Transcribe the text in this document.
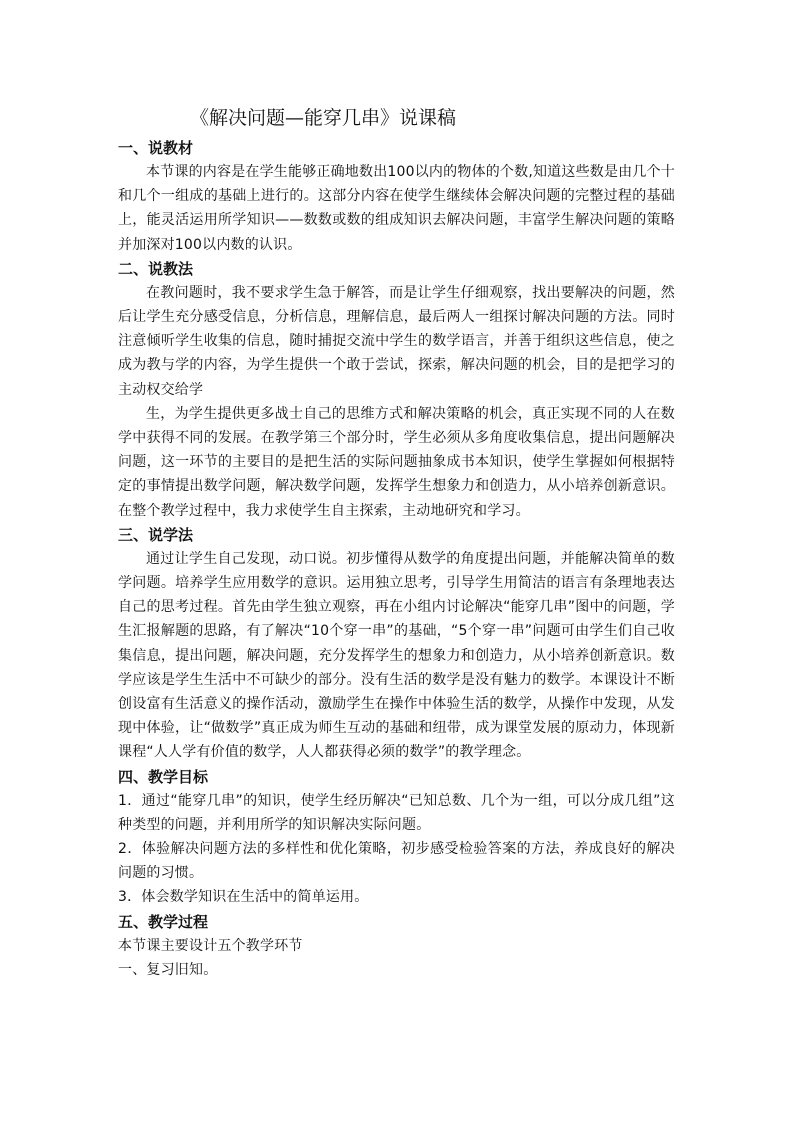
《解决问题—能穿几串》说课稿
一、说教材

本节课的内容是在学生能够正确地数出100以内的物体的个数,知道这些数是由几个十和几个一组成的基础上进行的。这部分内容在使学生继续体会解决问题的完整过程的基础上，能灵活运用所学知识——数数或数的组成知识去解决问题，丰富学生解决问题的策略并加深对100以内数的认识。

二、说教法

在教问题时，我不要求学生急于解答，而是让学生仔细观察，找出要解决的问题，然后让学生充分感受信息，分析信息，理解信息，最后两人一组探讨解决问题的方法。同时注意倾听学生收集的信息，随时捕捉交流中学生的数学语言，并善于组织这些信息，使之成为教与学的内容，为学生提供一个敢于尝试，探索，解决问题的机会，目的是把学习的主动权交给学

生，为学生提供更多战士自己的思维方式和解决策略的机会，真正实现不同的人在数学中获得不同的发展。在教学第三个部分时，学生必须从多角度收集信息，提出问题解决问题，这一环节的主要目的是把生活的实际问题抽象成书本知识，使学生掌握如何根据特定的事情提出数学问题，解决数学问题，发挥学生想象力和创造力，从小培养创新意识。在整个教学过程中，我力求使学生自主探索，主动地研究和学习。

三、说学法

通过让学生自己发现，动口说。初步懂得从数学的角度提出问题，并能解决简单的数学问题。培养学生应用数学的意识。运用独立思考，引导学生用简洁的语言有条理地表达自己的思考过程。首先由学生独立观察，再在小组内讨论解决“能穿几串”图中的问题，学生汇报解题的思路，有了解决“10个穿一串”的基础，“5个穿一串”问题可由学生们自己收集信息，提出问题，解决问题，充分发挥学生的想象力和创造力，从小培养创新意识。数学应该是学生生活中不可缺少的部分。没有生活的数学是没有魅力的数学。本课设计不断创设富有生活意义的操作活动，激励学生在操作中体验生活的数学，从操作中发现，从发现中体验，让“做数学”真正成为师生互动的基础和纽带，成为课堂发展的原动力，体现新课程“人人学有价值的数学，人人都获得必须的数学”的教学理念。

四、教学目标

1．通过“能穿几串”的知识，使学生经历解决“已知总数、几个为一组，可以分成几组”这种类型的问题，并利用所学的知识解决实际问题。

2．体验解决问题方法的多样性和优化策略，初步感受检验答案的方法，养成良好的解决问题的习惯。

3．体会数学知识在生活中的简单运用。

五、教学过程

本节课主要设计五个教学环节

一、复习旧知。
